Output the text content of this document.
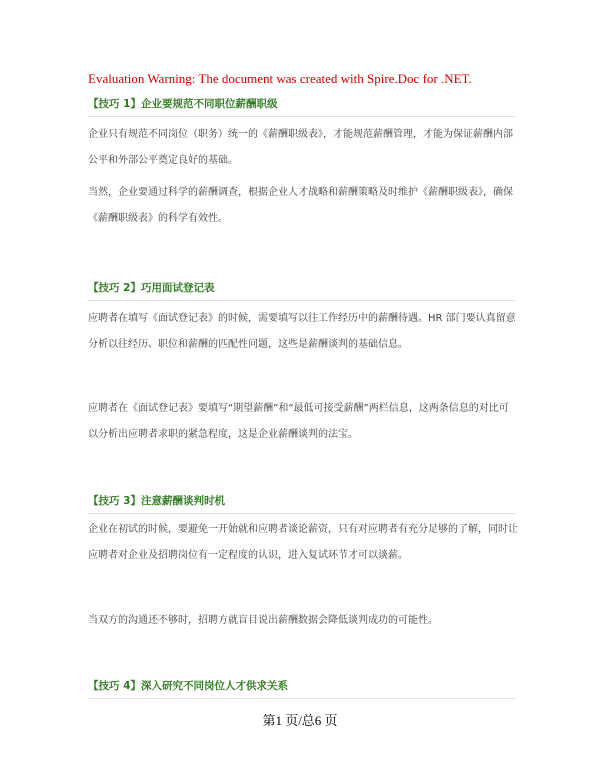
Evaluation Warning: The document was created with Spire.Doc for .NET.
【技巧 1】企业要规范不同职位薪酬职级
企业只有规范不同岗位（职务）统一的《薪酬职级表》，才能规范薪酬管理，才能为保证薪酬内部公平和外部公平奠定良好的基础。
当然，企业要通过科学的薪酬调查，根据企业人才战略和薪酬策略及时维护《薪酬职级表》，确保《薪酬职级表》的科学有效性。
【技巧 2】巧用面试登记表
应聘者在填写《面试登记表》的时候，需要填写以往工作经历中的薪酬待遇。HR 部门要认真留意分析以往经历、职位和薪酬的匹配性问题，这些是薪酬谈判的基础信息。
应聘者在《面试登记表》要填写“期望薪酬”和“最低可接受薪酬”两栏信息，这两条信息的对比可以分析出应聘者求职的紧急程度，这是企业薪酬谈判的法宝。
【技巧 3】注意薪酬谈判时机
企业在初试的时候，要避免一开始就和应聘者谈论薪资，只有对应聘者有充分足够的了解，同时让应聘者对企业及招聘岗位有一定程度的认识，进入复试环节才可以谈薪。
当双方的沟通还不够时，招聘方就盲目说出薪酬数据会降低谈判成功的可能性。
【技巧 4】深入研究不同岗位人才供求关系
第1 页/总6 页
